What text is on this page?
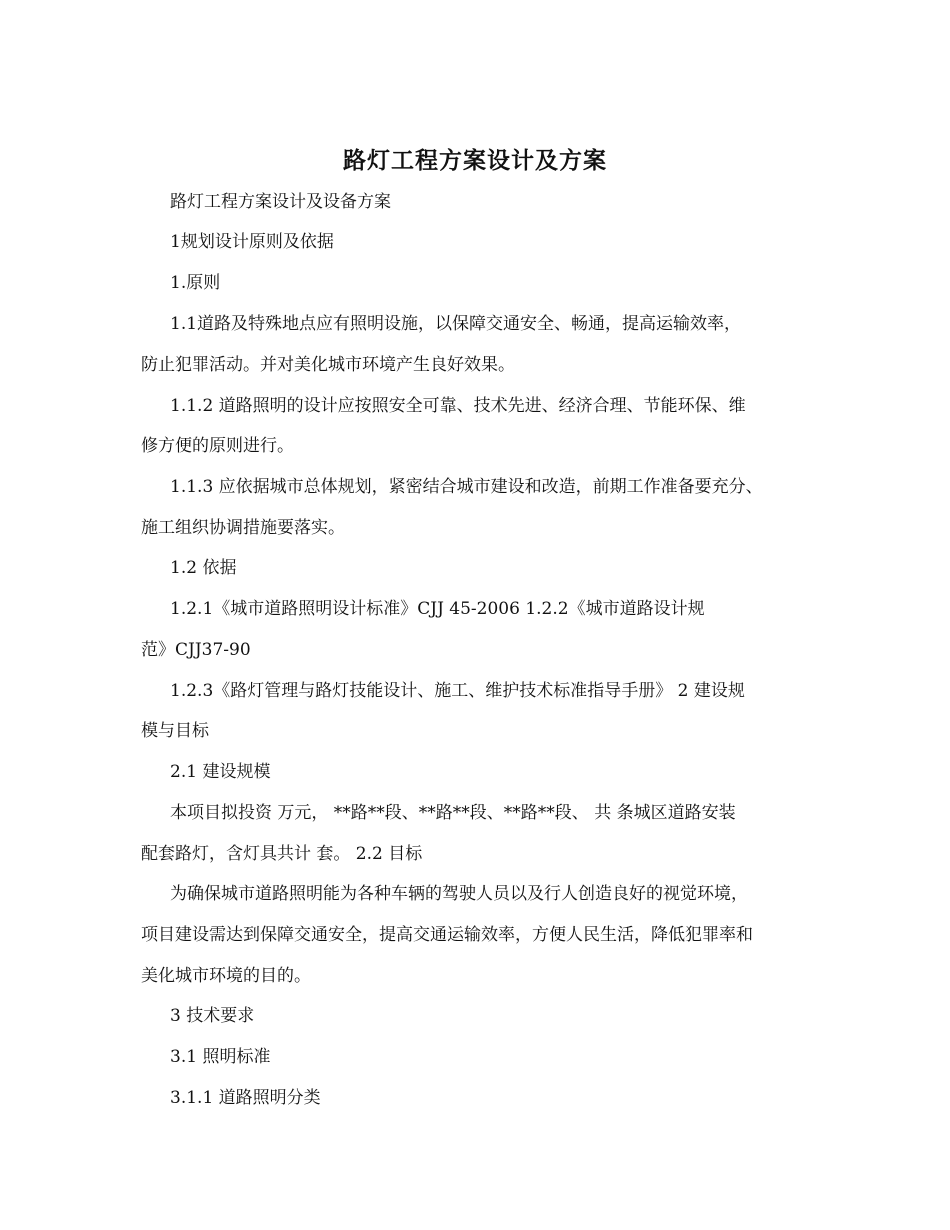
路灯工程方案设计及方案

路灯工程方案设计及设备方案

1规划设计原则及依据

1.原则

1.1道路及特殊地点应有照明设施，以保障交通安全、畅通，提高运输效率，

防止犯罪活动。并对美化城市环境产生良好效果。

1.1.2 道路照明的设计应按照安全可靠、技术先进、经济合理、节能环保、维

修方便的原则进行。

1.1.3 应依据城市总体规划，紧密结合城市建设和改造，前期工作准备要充分、

施工组织协调措施要落实。

1.2 依据

1.2.1《城市道路照明设计标准》CJJ 45-2006 1.2.2《城市道路设计规

范》CJJ37-90

1.2.3《路灯管理与路灯技能设计、施工、维护技术标准指导手册》 2 建设规

模与目标

2.1 建设规模

本项目拟投资 万元， **路**段、**路**段、**路**段、 共 条城区道路安装

配套路灯，含灯具共计 套。 2.2 目标

为确保城市道路照明能为各种车辆的驾驶人员以及行人创造良好的视觉环境，

项目建设需达到保障交通安全，提高交通运输效率，方便人民生活，降低犯罪率和

美化城市环境的目的。

3 技术要求

3.1 照明标准

3.1.1 道路照明分类
